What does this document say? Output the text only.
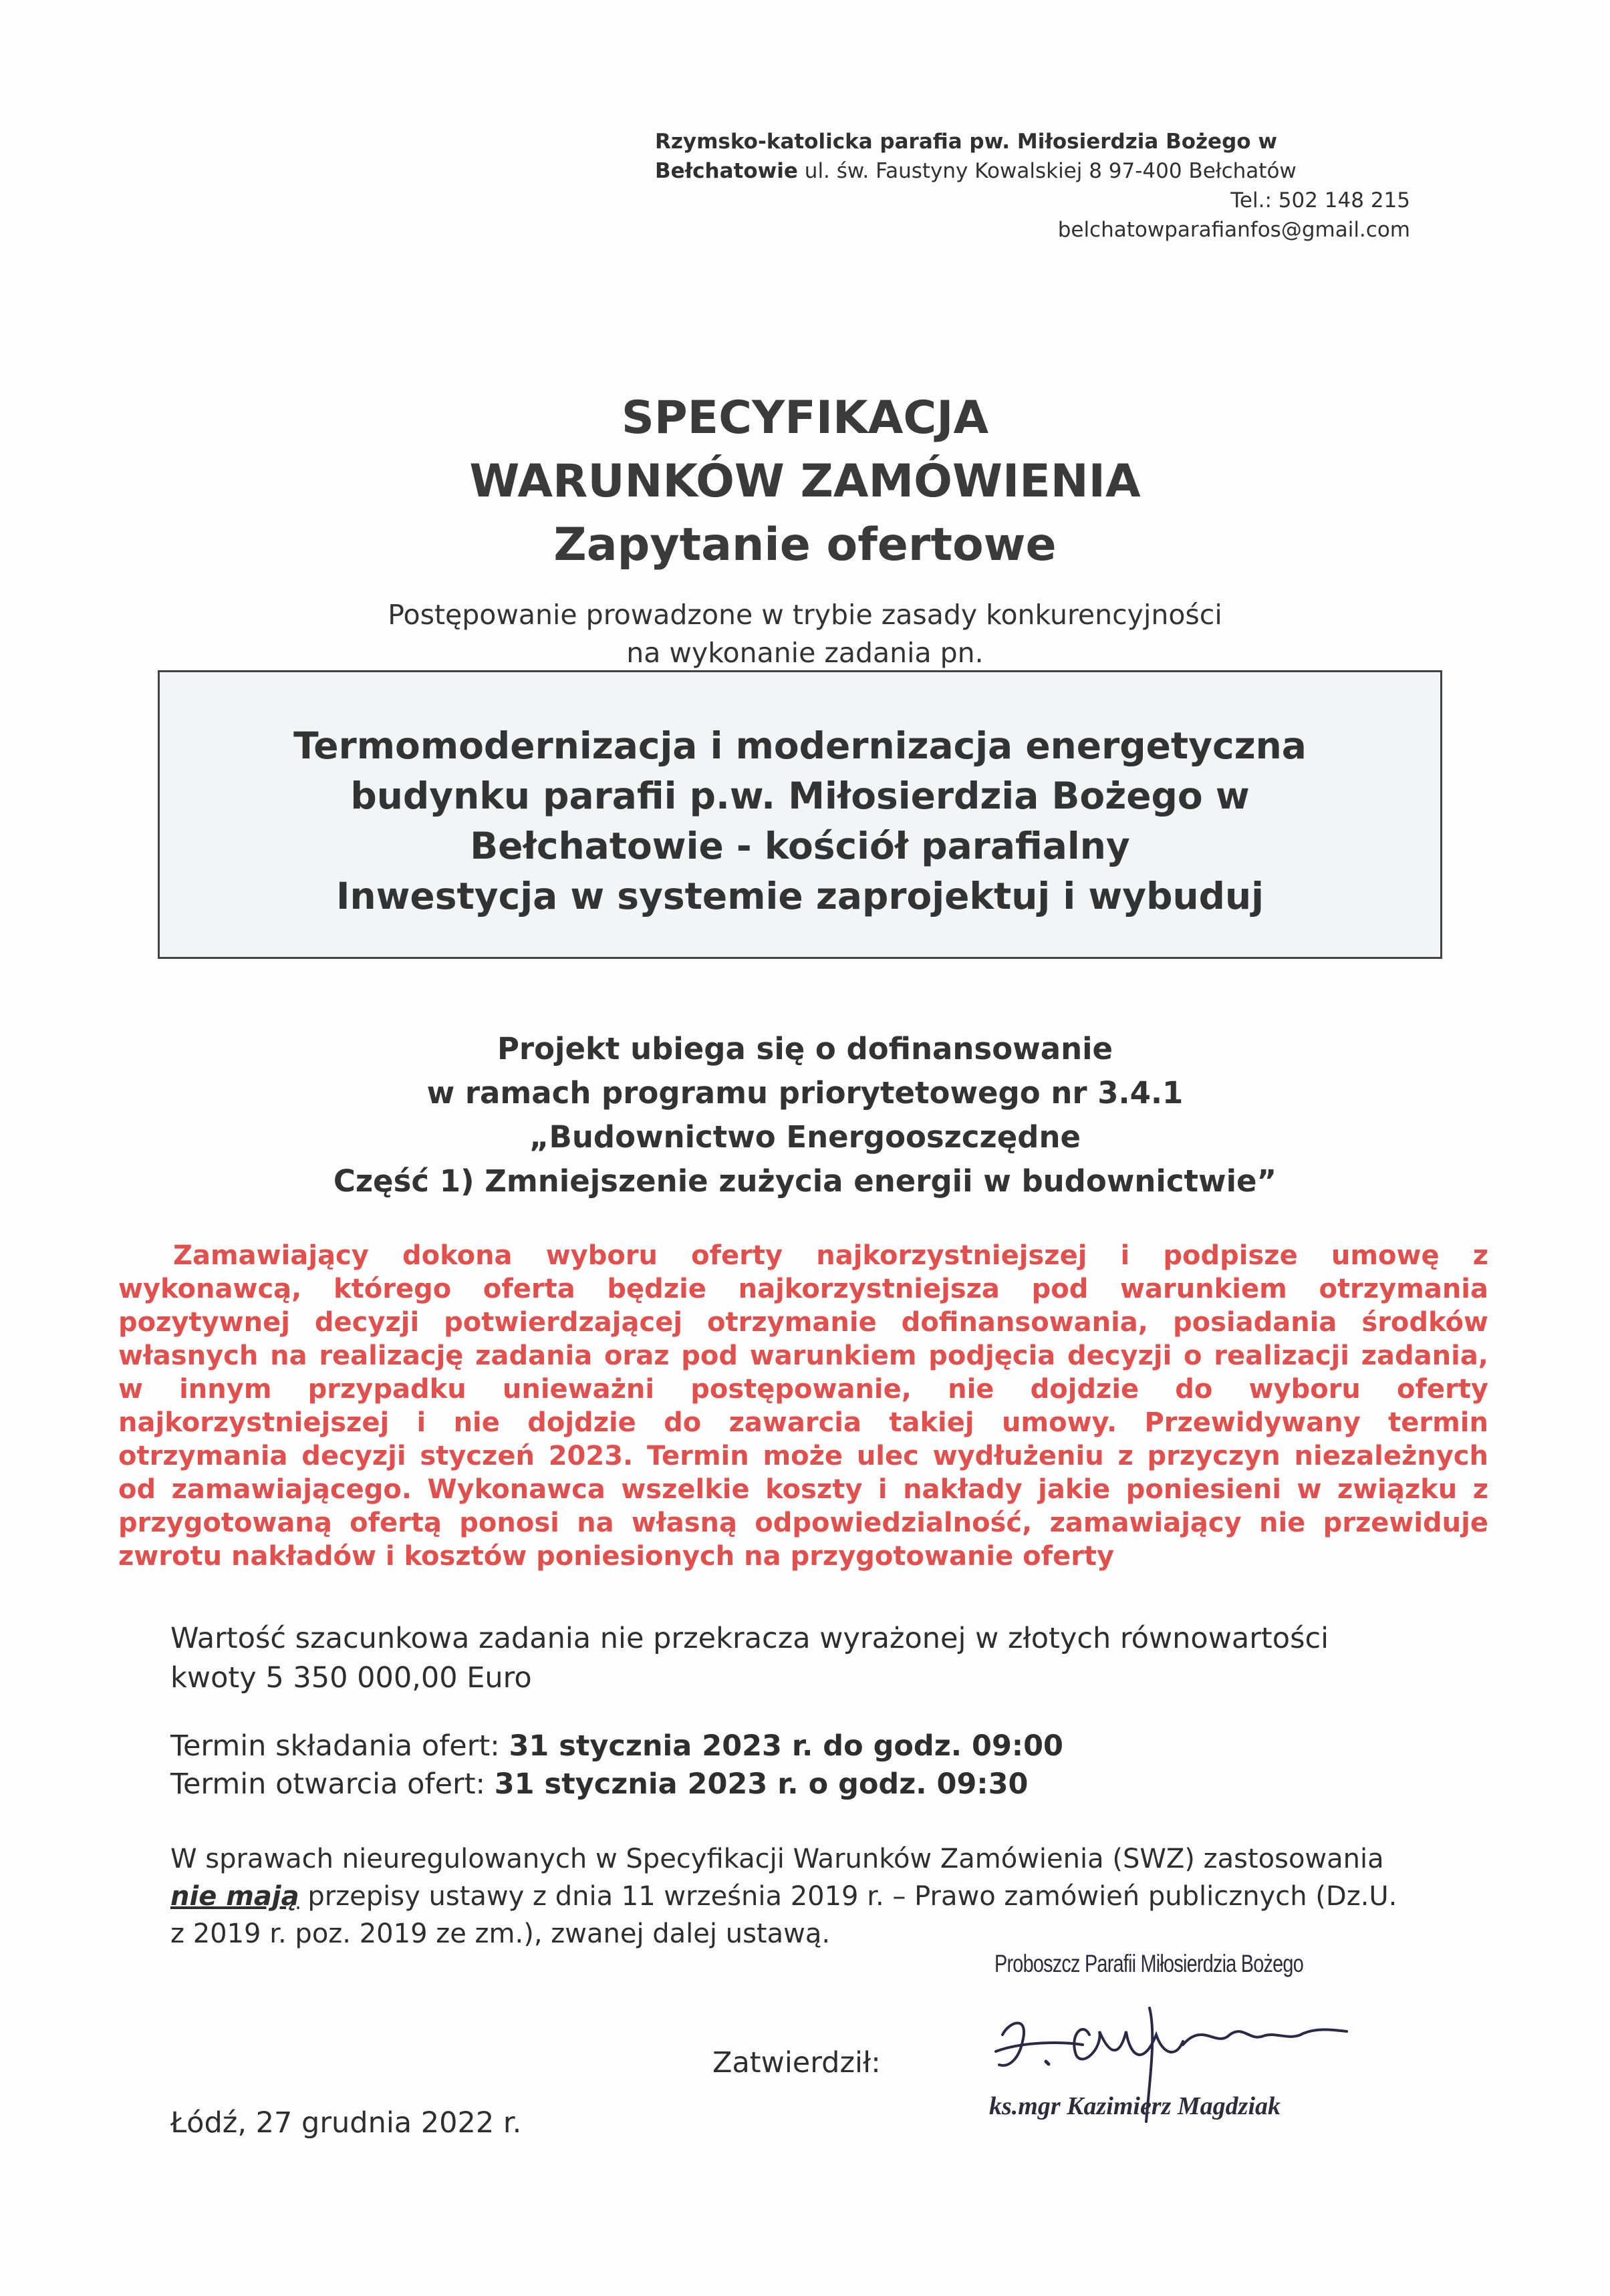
Rzymsko-katolicka parafia pw. Miłosierdzia Bożego w
Bełchatowie ul. św. Faustyny Kowalskiej 8 97-400 Bełchatów
Tel.: 502 148 215
belchatowparafianfos@gmail.com
SPECYFIKACJA
WARUNKÓW ZAMÓWIENIA
Zapytanie ofertowe
Postępowanie prowadzone w trybie zasady konkurencyjności
na wykonanie zadania pn.
Termomodernizacja i modernizacja energetyczna
budynku parafii p.w. Miłosierdzia Bożego w
Bełchatowie - kościół parafialny
Inwestycja w systemie zaprojektuj i wybuduj
Projekt ubiega się o dofinansowanie
w ramach programu priorytetowego nr 3.4.1
„Budownictwo Energooszczędne
Część 1) Zmniejszenie zużycia energii w budownictwie”
Zamawiający dokona wyboru oferty najkorzystniejszej i podpisze umowę z
wykonawcą, którego oferta będzie najkorzystniejsza pod warunkiem otrzymania
pozytywnej decyzji potwierdzającej otrzymanie dofinansowania, posiadania środków
własnych na realizację zadania oraz pod warunkiem podjęcia decyzji o realizacji zadania,
w innym przypadku unieważni postępowanie, nie dojdzie do wyboru oferty
najkorzystniejszej i nie dojdzie do zawarcia takiej umowy. Przewidywany termin
otrzymania decyzji styczeń 2023. Termin może ulec wydłużeniu z przyczyn niezależnych
od zamawiającego. Wykonawca wszelkie koszty i nakłady jakie poniesieni w związku z
przygotowaną ofertą ponosi na własną odpowiedzialność, zamawiający nie przewiduje
zwrotu nakładów i kosztów poniesionych na przygotowanie oferty
Wartość szacunkowa zadania nie przekracza wyrażonej w złotych równowartości
kwoty 5 350 000,00 Euro
Termin składania ofert: 31 stycznia 2023 r. do godz. 09:00
Termin otwarcia ofert: 31 stycznia 2023 r. o godz. 09:30
W sprawach nieuregulowanych w Specyfikacji Warunków Zamówienia (SWZ) zastosowania
nie mają przepisy ustawy z dnia 11 września 2019 r. – Prawo zamówień publicznych (Dz.U.
z 2019 r. poz. 2019 ze zm.), zwanej dalej ustawą.
Zatwierdził:
Łódź, 27 grudnia 2022 r.
Proboszcz Parafii Miłosierdzia Bożego
ks.mgr Kazimierz Magdziak
